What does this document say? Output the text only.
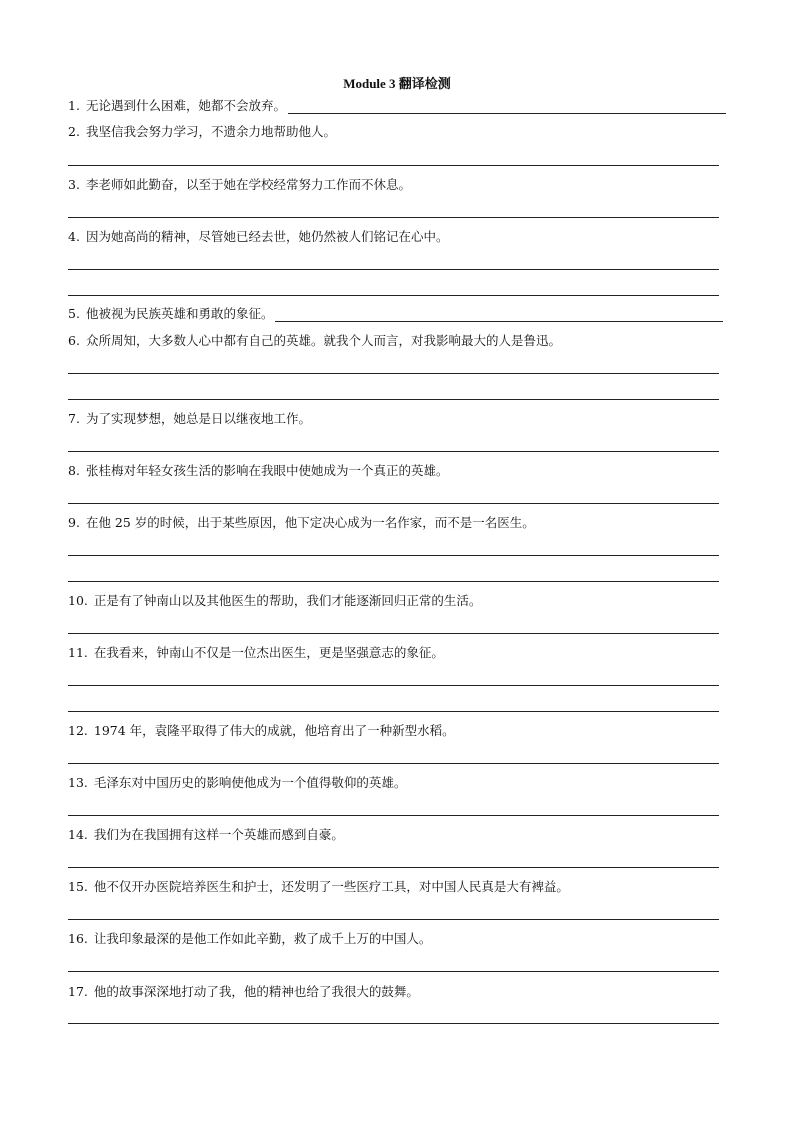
Module 3 翻译检测
1. 无论遇到什么困难，她都不会放弃。
2. 我坚信我会努力学习，不遗余力地帮助他人。
3. 李老师如此勤奋，以至于她在学校经常努力工作而不休息。
4. 因为她高尚的精神，尽管她已经去世，她仍然被人们铭记在心中。
5. 他被视为民族英雄和勇敢的象征。
6. 众所周知，大多数人心中都有自己的英雄。就我个人而言，对我影响最大的人是鲁迅。
7. 为了实现梦想，她总是日以继夜地工作。
8. 张桂梅对年轻女孩生活的影响在我眼中使她成为一个真正的英雄。
9. 在他 25 岁的时候，出于某些原因，他下定决心成为一名作家，而不是一名医生。
10. 正是有了钟南山以及其他医生的帮助，我们才能逐渐回归正常的生活。
11. 在我看来，钟南山不仅是一位杰出医生，更是坚强意志的象征。
12. 1974 年，袁隆平取得了伟大的成就，他培育出了一种新型水稻。
13. 毛泽东对中国历史的影响使他成为一个值得敬仰的英雄。
14. 我们为在我国拥有这样一个英雄而感到自豪。
15. 他不仅开办医院培养医生和护士，还发明了一些医疗工具，对中国人民真是大有裨益。
16. 让我印象最深的是他工作如此辛勤，救了成千上万的中国人。
17. 他的故事深深地打动了我，他的精神也给了我很大的鼓舞。
